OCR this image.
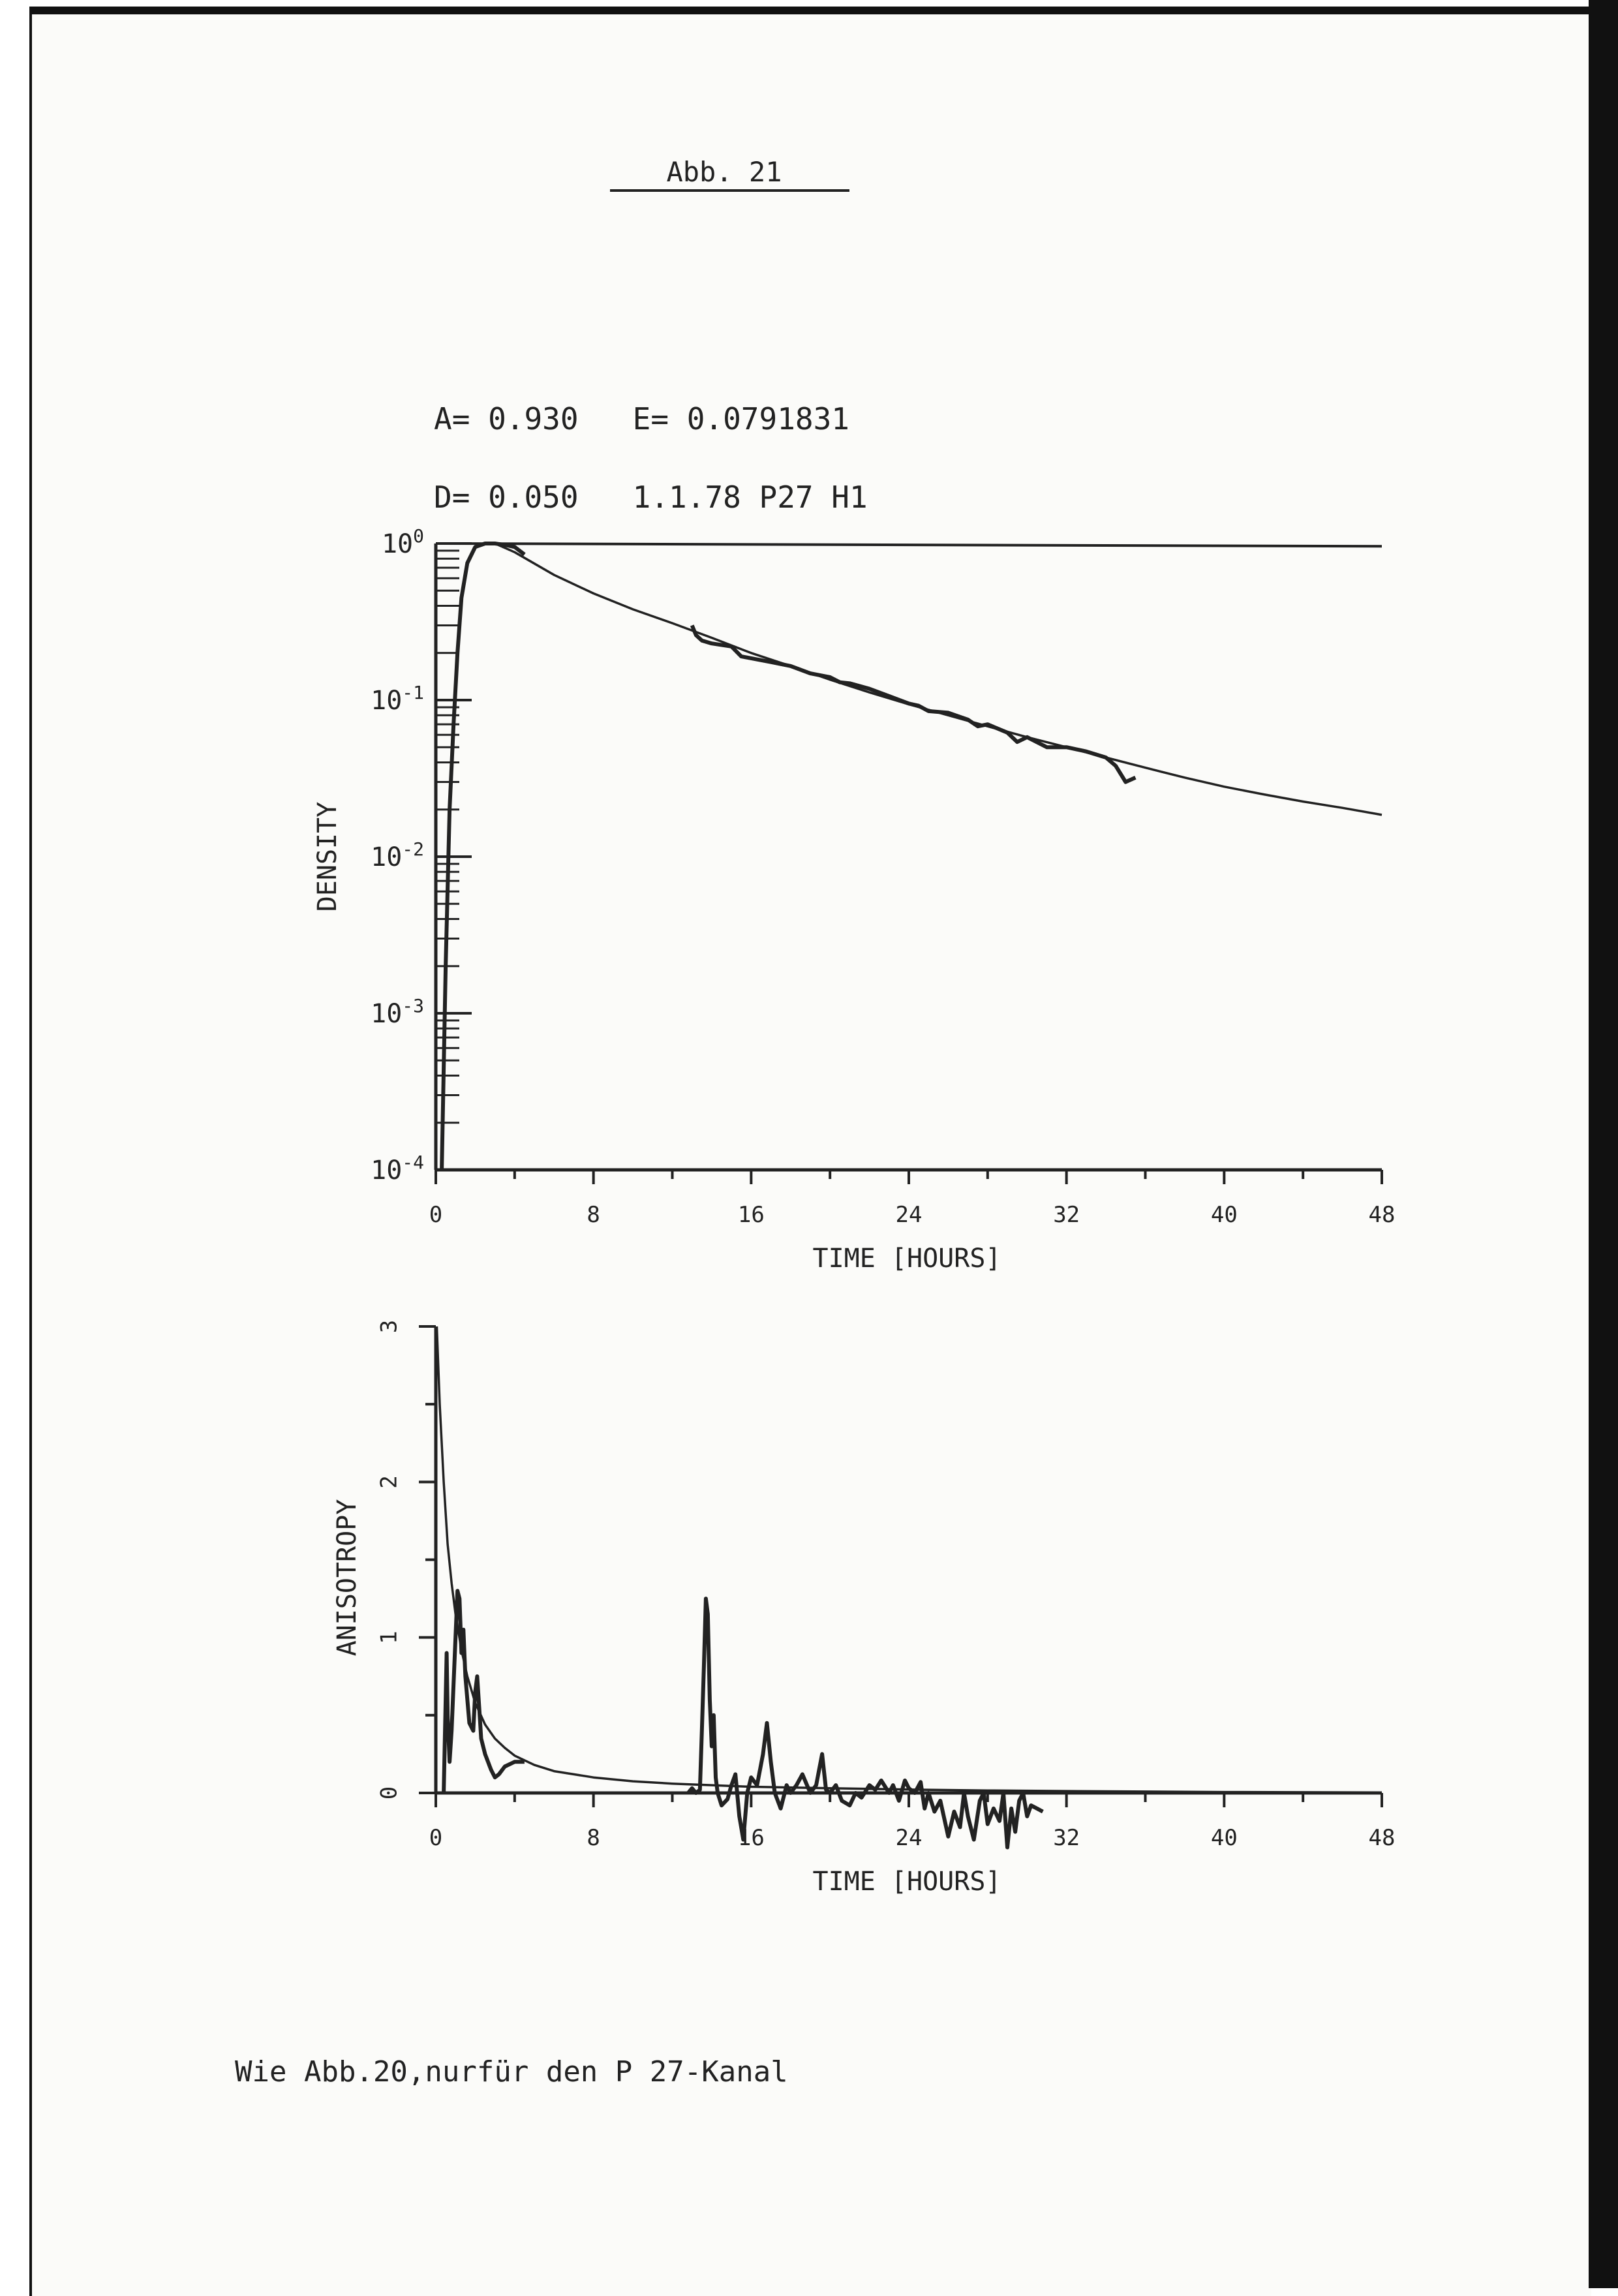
Abb. 21
A= 0.930   E= 0.0791831
D= 0.050   1.1.78 P27 H1
TIME [HOURS]
DENSITY
0	8	16	24	32	40	48
$10^{-4}$
$10^{-3}$
$10^{-2}$
$10^{-1}$
$10^0$
TIME [HOURS]
ANISOTROPY
0	8	16	24	32	40	48
0
1
2
3
Wie Abb.20,nurfür den P 27-Kanal
